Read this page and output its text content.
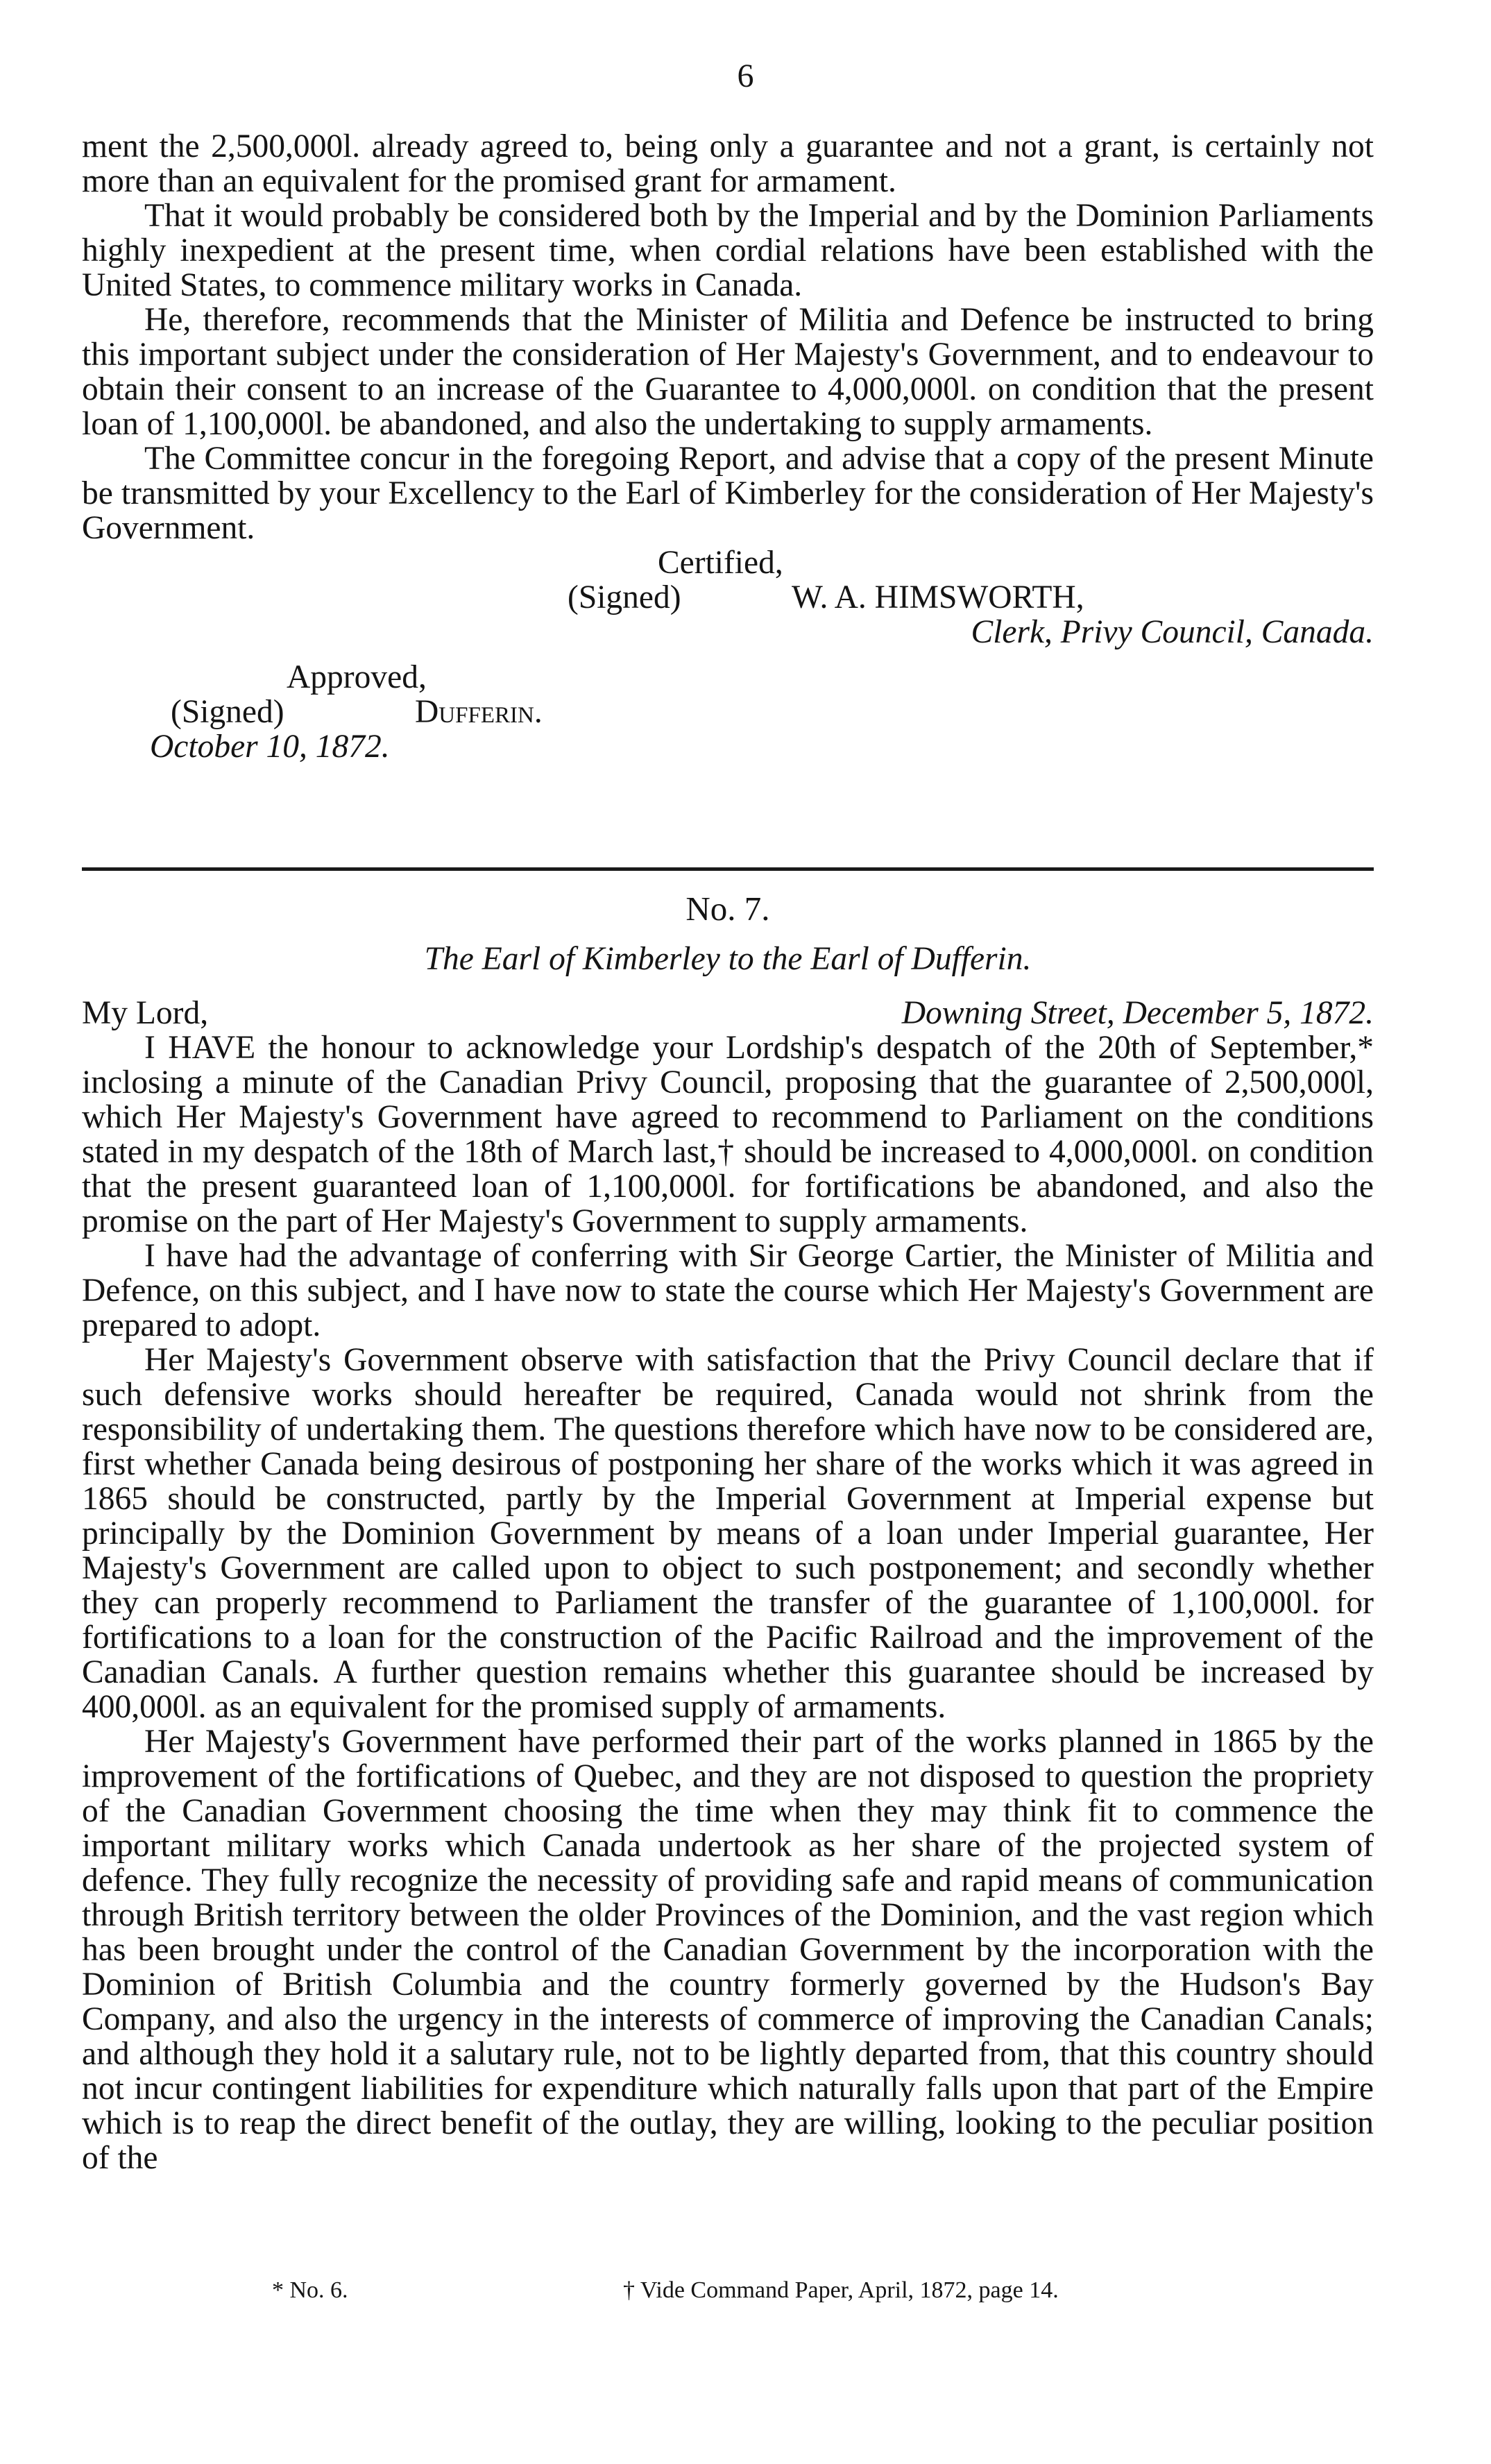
6

ment the 2,500,000l. already agreed to, being only a guarantee and not a grant, is certainly not more than an equivalent for the promised grant for armament.

That it would probably be considered both by the Imperial and by the Dominion Parliaments highly inexpedient at the present time, when cordial relations have been established with the United States, to commence military works in Canada.

He, therefore, recommends that the Minister of Militia and Defence be instructed to bring this important subject under the consideration of Her Majesty's Government, and to endeavour to obtain their consent to an increase of the Guarantee to 4,000,000l. on condition that the present loan of 1,100,000l. be abandoned, and also the undertaking to supply armaments.

The Committee concur in the foregoing Report, and advise that a copy of the present Minute be transmitted by your Excellency to the Earl of Kimberley for the consideration of Her Majesty's Government.

Certified,
(Signed)	W. A. HIMSWORTH,
Clerk, Privy Council, Canada.
Approved,
(Signed)	Dufferin.
October 10, 1872.

No. 7.

The Earl of Kimberley to the Earl of Dufferin.

My Lord,	Downing Street, December 5, 1872.

I HAVE the honour to acknowledge your Lordship's despatch of the 20th of September,* inclosing a minute of the Canadian Privy Council, proposing that the guarantee of 2,500,000l, which Her Majesty's Government have agreed to recommend to Parliament on the conditions stated in my despatch of the 18th of March last,† should be increased to 4,000,000l. on condition that the present guaranteed loan of 1,100,000l. for fortifications be abandoned, and also the promise on the part of Her Majesty's Government to supply armaments.

I have had the advantage of conferring with Sir George Cartier, the Minister of Militia and Defence, on this subject, and I have now to state the course which Her Majesty's Government are prepared to adopt.

Her Majesty's Government observe with satisfaction that the Privy Council declare that if such defensive works should hereafter be required, Canada would not shrink from the responsibility of undertaking them. The questions therefore which have now to be considered are, first whether Canada being desirous of postponing her share of the works which it was agreed in 1865 should be constructed, partly by the Imperial Government at Imperial expense but principally by the Dominion Government by means of a loan under Imperial guarantee, Her Majesty's Government are called upon to object to such postponement; and secondly whether they can properly recommend to Parliament the transfer of the guarantee of 1,100,000l. for fortifications to a loan for the construction of the Pacific Railroad and the improvement of the Canadian Canals. A further question remains whether this guarantee should be increased by 400,000l. as an equivalent for the promised supply of armaments.

Her Majesty's Government have performed their part of the works planned in 1865 by the improvement of the fortifications of Quebec, and they are not disposed to question the propriety of the Canadian Government choosing the time when they may think fit to commence the important military works which Canada undertook as her share of the projected system of defence. They fully recognize the necessity of providing safe and rapid means of communication through British territory between the older Provinces of the Dominion, and the vast region which has been brought under the control of the Canadian Government by the incorporation with the Dominion of British Columbia and the country formerly governed by the Hudson's Bay Company, and also the urgency in the interests of commerce of improving the Canadian Canals; and although they hold it a salutary rule, not to be lightly departed from, that this country should not incur contingent liabilities for expenditure which naturally falls upon that part of the Empire which is to reap the direct benefit of the outlay, they are willing, looking to the peculiar position of the

* No. 6.	† Vide Command Paper, April, 1872, page 14.
